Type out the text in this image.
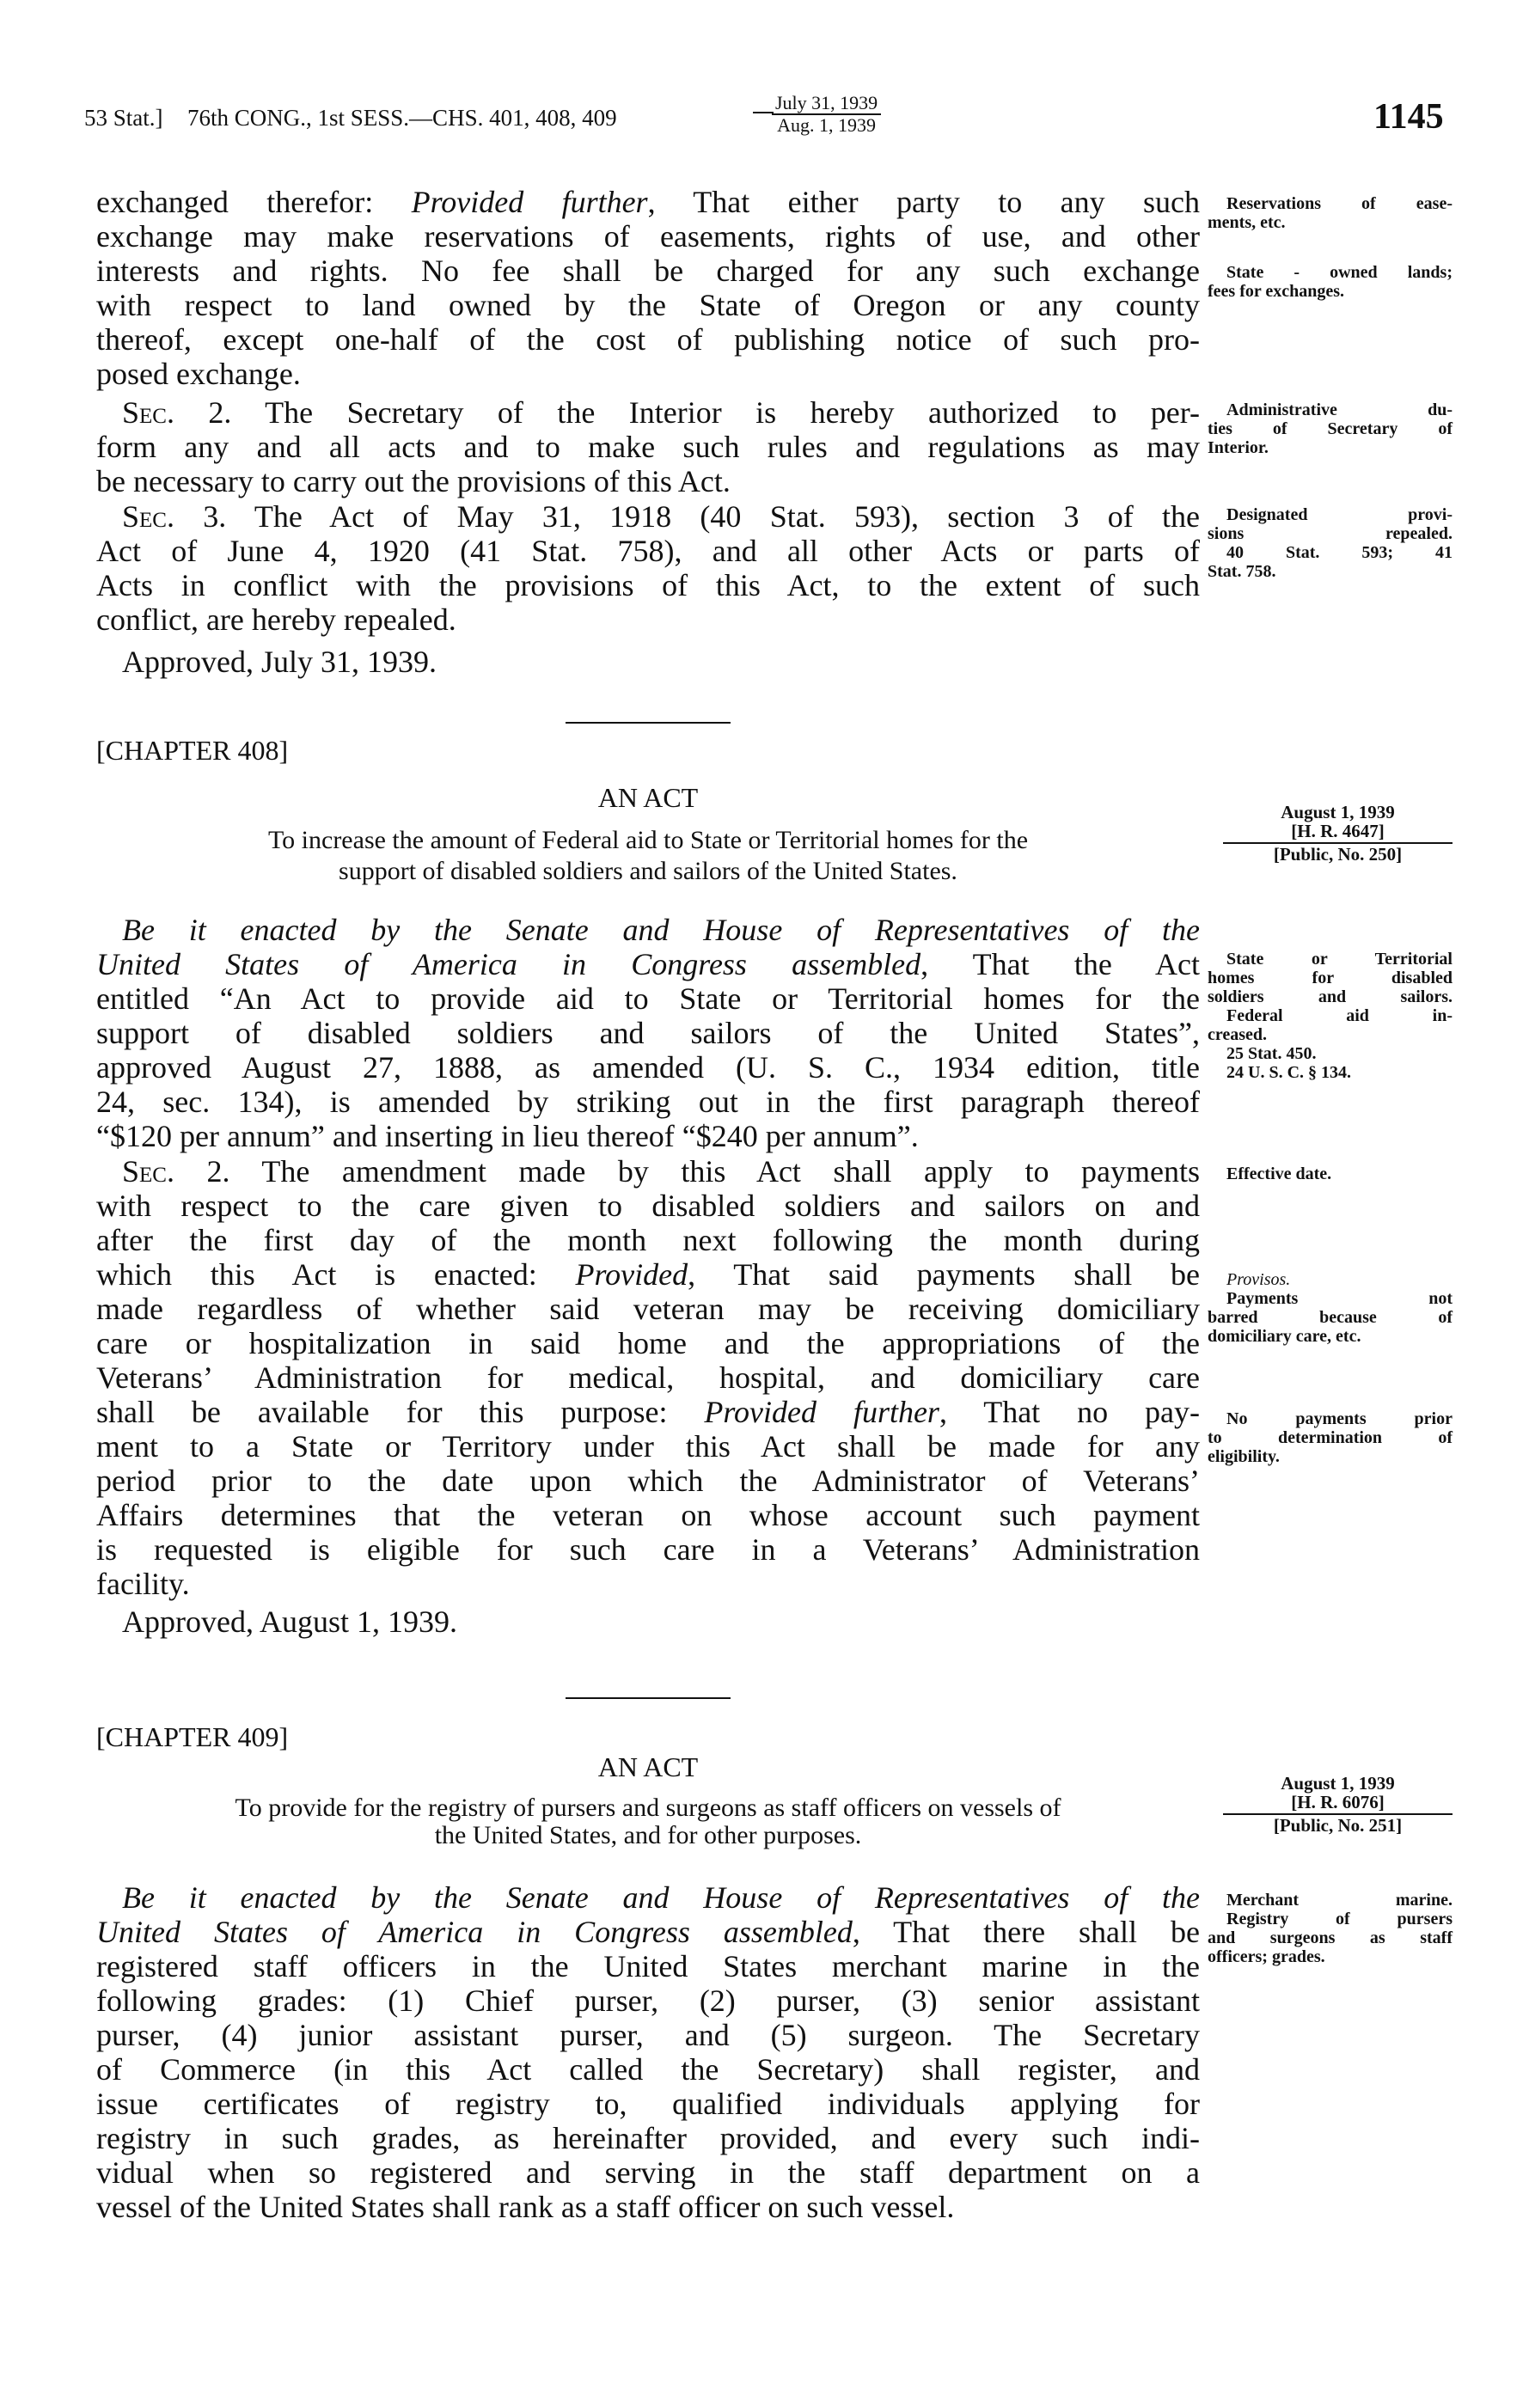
53 Stat.] 76th CONG., 1st SESS.—CHS. 401, 408, 409
July 31, 1939
Aug. 1, 1939	1145
exchanged therefor: Provided further, That either party to any such
exchange may make reservations of easements, rights of use, and other
interests and rights. No fee shall be charged for any such exchange
with respect to land owned by the State of Oregon or any county
thereof, except one-half of the cost of publishing notice of such pro-
posed exchange.
Sec. 2. The Secretary of the Interior is hereby authorized to per-
form any and all acts and to make such rules and regulations as may
be necessary to carry out the provisions of this Act.
Sec. 3. The Act of May 31, 1918 (40 Stat. 593), section 3 of the
Act of June 4, 1920 (41 Stat. 758), and all other Acts or parts of
Acts in conflict with the provisions of this Act, to the extent of such
conflict, are hereby repealed.
Approved, July 31, 1939.
Reservations of ease-
ments, etc.
State - owned lands;
fees for exchanges.
Administrative du-
ties of Secretary of
Interior.
Designated provi-
sions repealed.
40 Stat. 593; 41
Stat. 758.
[CHAPTER 408]
AN ACT
To increase the amount of Federal aid to State or Territorial homes for the
support of disabled soldiers and sailors of the United States.
August 1, 1939
[H. R. 4647]
[Public, No. 250]
Be it enacted by the Senate and House of Representatives of the
United States of America in Congress assembled, That the Act
entitled “An Act to provide aid to State or Territorial homes for the
support of disabled soldiers and sailors of the United States”,
approved August 27, 1888, as amended (U. S. C., 1934 edition, title
24, sec. 134), is amended by striking out in the first paragraph thereof
“$120 per annum” and inserting in lieu thereof “$240 per annum”.
Sec. 2. The amendment made by this Act shall apply to payments
with respect to the care given to disabled soldiers and sailors on and
after the first day of the month next following the month during
which this Act is enacted: Provided, That said payments shall be
made regardless of whether said veteran may be receiving domiciliary
care or hospitalization in said home and the appropriations of the
Veterans’ Administration for medical, hospital, and domiciliary care
shall be available for this purpose: Provided further, That no pay-
ment to a State or Territory under this Act shall be made for any
period prior to the date upon which the Administrator of Veterans’
Affairs determines that the veteran on whose account such payment
is requested is eligible for such care in a Veterans’ Administration
facility.
Approved, August 1, 1939.
State or Territorial
homes for disabled
soldiers and sailors.
Federal aid in-
creased.
25 Stat. 450.
24 U. S. C. § 134.
Effective date.
Provisos.
Payments not
barred because of
domiciliary care, etc.
No payments prior
to determination of
eligibility.
[CHAPTER 409]
AN ACT
To provide for the registry of pursers and surgeons as staff officers on vessels of
the United States, and for other purposes.
August 1, 1939
[H. R. 6076]
[Public, No. 251]
Be it enacted by the Senate and House of Representatives of the
United States of America in Congress assembled, That there shall be
registered staff officers in the United States merchant marine in the
following grades: (1) Chief purser, (2) purser, (3) senior assistant
purser, (4) junior assistant purser, and (5) surgeon. The Secretary
of Commerce (in this Act called the Secretary) shall register, and
issue certificates of registry to, qualified individuals applying for
registry in such grades, as hereinafter provided, and every such indi-
vidual when so registered and serving in the staff department on a
vessel of the United States shall rank as a staff officer on such vessel.
Merchant marine.
Registry of pursers
and surgeons as staff
officers; grades.
